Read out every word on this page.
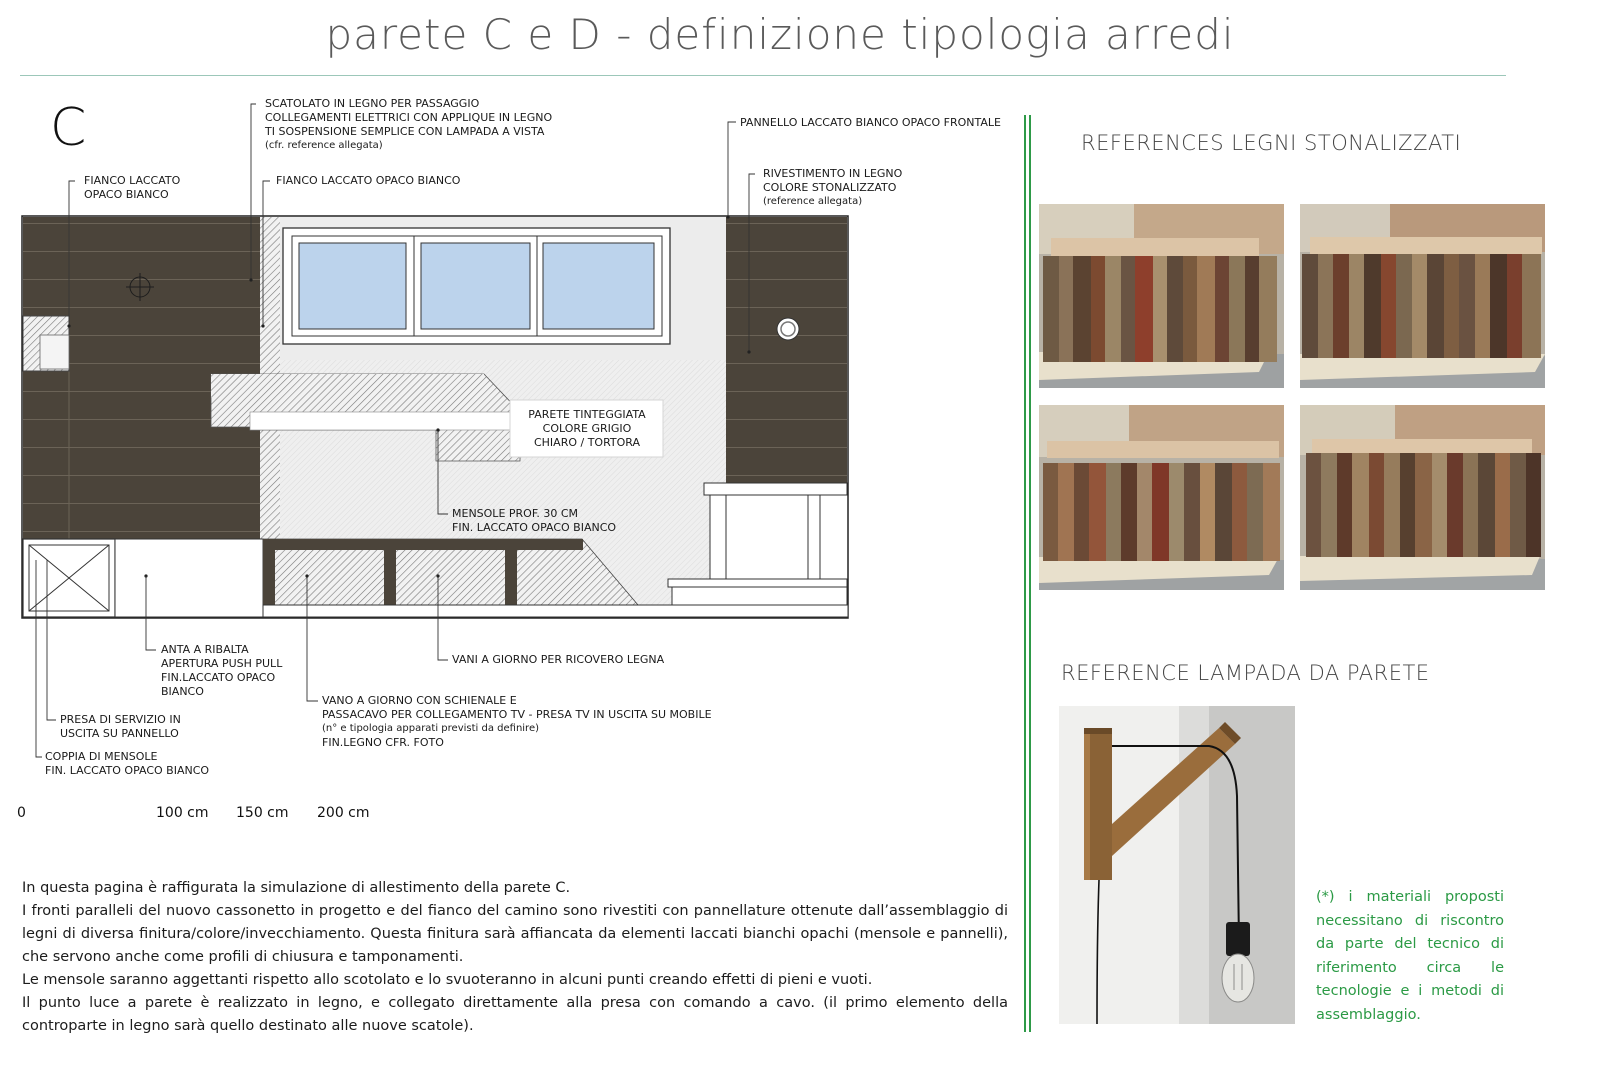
parete C e D - definizione tipologia arredi
C	SCATOLATO IN LEGNO PER PASSAGGIO
COLLEGAMENTI ELETTRICI CON APPLIQUE IN LEGNO
TI SOSPENSIONE SEMPLICE CON LAMPADA A VISTA
(cfr. reference allegata)
PANNELLO LACCATO BIANCO OPACO FRONTALE
FIANCO LACCATO
OPACO BIANCO
FIANCO LACCATO OPACO BIANCO
RIVESTIMENTO IN LEGNO
COLORE STONALIZZATO
(reference allegata)
PARETE TINTEGGIATA
COLORE GRIGIO
CHIARO / TORTORA
MENSOLE PROF. 30 CM
FIN. LACCATO OPACO BIANCO
ANTA A RIBALTA
APERTURA PUSH PULL
FIN.LACCATO OPACO
BIANCO
VANI A GIORNO PER RICOVERO LEGNA
VANO A GIORNO CON SCHIENALE E
PASSACAVO PER COLLEGAMENTO TV - PRESA TV IN USCITA SU MOBILE
(n° e tipologia apparati previsti da definire)
FIN.LEGNO CFR. FOTO
PRESA DI SERVIZIO IN
USCITA SU PANNELLO
COPPIA DI MENSOLE
FIN. LACCATO OPACO BIANCO
0	100 cm 150 cm 200 cm

In questa pagina è raffigurata la simulazione di allestimento della parete C.

I fronti paralleli del nuovo cassonetto in progetto e del fianco del camino sono rivestiti con pannellature ottenute dall’assemblaggio di legni di diversa finitura/colore/invecchiamento. Questa finitura sarà affiancata da elementi laccati bianchi opachi (mensole e pannelli), che servono anche come profili di chiusura e tamponamenti.

Le mensole saranno aggettanti rispetto allo scotolato e lo svuoteranno in alcuni punti creando effetti di pieni e vuoti.

Il punto luce a parete è realizzato in legno, e collegato direttamente alla presa con comando a cavo. (il primo elemento della controparte in legno sarà quello destinato alle nuove scatole).

REFERENCES LEGNI STONALIZZATI
REFERENCE LAMPADA DA PARETE
(*) i materiali proposti necessitano di riscontro da parte del tecnico di riferimento circa le tecnologie e i metodi di assemblaggio.
